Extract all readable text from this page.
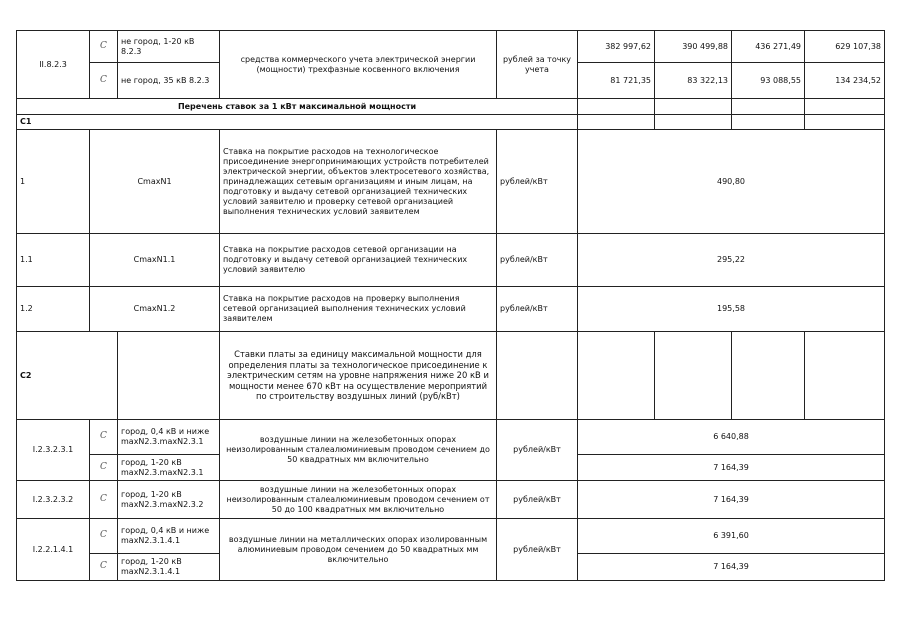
II.8.2.3	C	не город, 1-20 кВ 8.2.3	средства коммерческого учета электрической энергии (мощности) трехфазные косвенного включения	рублей за точку учета	382 997,62	390 499,88	436 271,49	629 107,38
	C	не город, 35 кВ 8.2.3			81 721,35	83 322,13	93 088,55	134 234,52
Перечень ставок за 1 кВт максимальной мощности								
С1								
1	CmaxN1		Ставка на покрытие расходов на технологическое присоединение энергопринимающих устройств потребителей электрической энергии, объектов электросетевого хозяйства, принадлежащих сетевым организациям и иным лицам, на подготовку и выдачу сетевой организацией технических условий заявителю и проверку сетевой организацией выполнения технических условий заявителем	рублей/кВт	490,80			
1.1	CmaxN1.1		Ставка на покрытие расходов сетевой организации на подготовку и выдачу сетевой организацией технических условий заявителю	рублей/кВт	295,22			
1.2	CmaxN1.2		Ставка на покрытие расходов на проверку выполнения сетевой организацией выполнения технических условий заявителем	рублей/кВт	195,58			
С2			Ставки платы за единицу максимальной мощности для определения платы за технологическое присоединение к электрическим сетям на уровне напряжения ниже 20 кВ и мощности менее 670 кВт на осуществление мероприятий по строительству воздушных линий (руб/кВт)					
I.2.3.2.3.1	C	город, 0,4 кВ и ниже maxN2.3.maxN2.3.1	воздушные линии на железобетонных опорах неизолированным сталеалюминиевым проводом сечением до 50 квадратных мм включительно	рублей/кВт	6 640,88			
	C	город, 1-20 кВ maxN2.3.maxN2.3.1			7 164,39			
I.2.3.2.3.2	C	город, 1-20 кВ maxN2.3.maxN2.3.2	воздушные линии на железобетонных опорах неизолированным сталеалюминиевым проводом сечением от 50 до 100 квадратных мм включительно	рублей/кВт	7 164,39			
I.2.2.1.4.1	C	город, 0,4 кВ и ниже maxN2.3.1.4.1	воздушные линии на металлических опорах изолированным алюминиевым проводом сечением до 50 квадратных мм включительно	рублей/кВт	6 391,60			
	C	город, 1-20 кВ maxN2.3.1.4.1			7 164,39			
